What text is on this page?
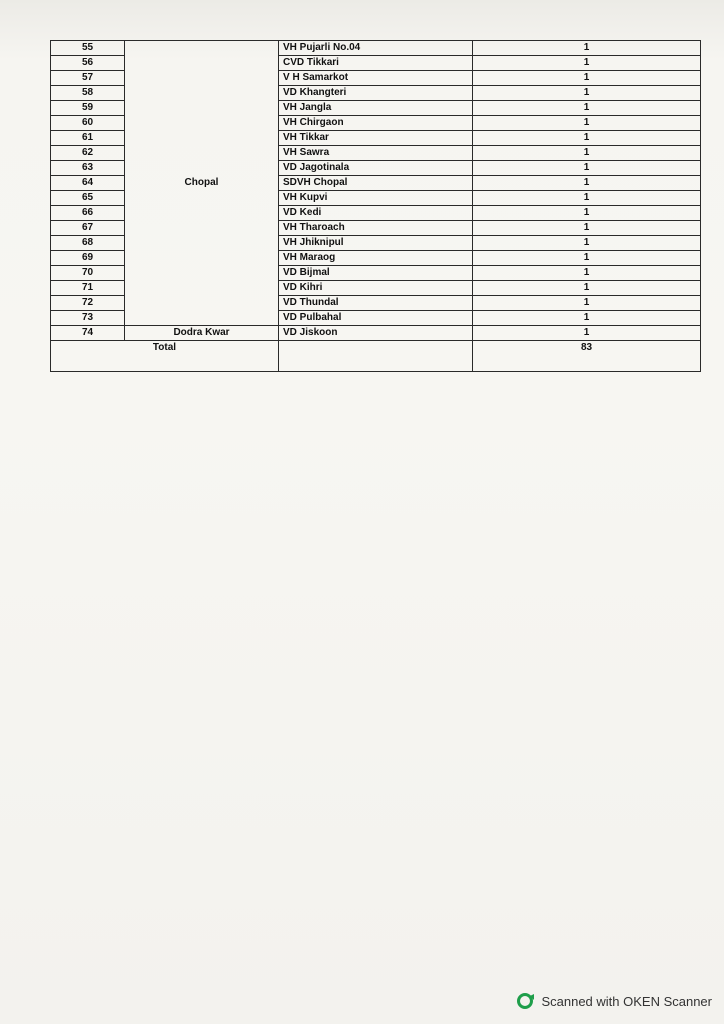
55		VH Pujarli No.04	1
56		CVD Tikkari	1
57		V H Samarkot	1
58		VD Khangteri	1
59		VH Jangla	1
60		VH Chirgaon	1
61		VH Tikkar	1
62		VH Sawra	1
63		VD Jagotinala	1
64	Chopal	SDVH Chopal	1
65		VH Kupvi	1
66		VD Kedi	1
67		VH Tharoach	1
68		VH Jhiknipul	1
69		VH Maraog	1
70		VD Bijmal	1
71		VD Kihri	1
72		VD Thundal	1
73		VD Pulbahal	1
74	Dodra Kwar	VD Jiskoon	1
Total			83
Scanned with OKEN Scanner
